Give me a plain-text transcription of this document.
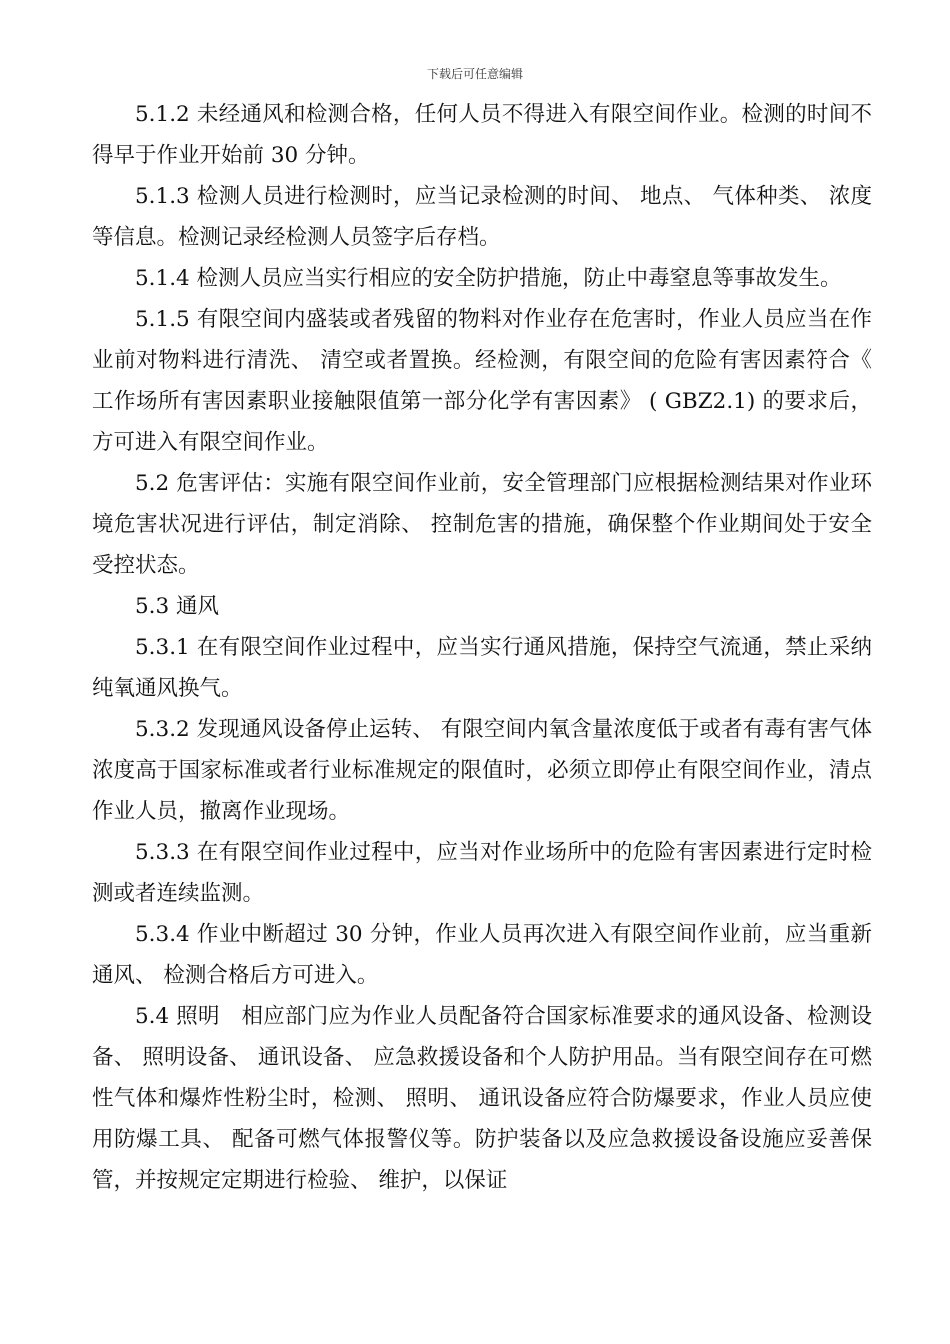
下载后可任意编辑

5.1.2 未经通风和检测合格，任何人员不得进入有限空间作业。检测的时间不得早于作业开始前 30 分钟。

5.1.3 检测人员进行检测时，应当记录检测的时间、 地点、 气体种类、 浓度等信息。检测记录经检测人员签字后存档。

5.1.4 检测人员应当实行相应的安全防护措施，防止中毒窒息等事故发生。

5.1.5 有限空间内盛装或者残留的物料对作业存在危害时，作业人员应当在作业前对物料进行清洗、 清空或者置换。经检测，有限空间的危险有害因素符合《工作场所有害因素职业接触限值第一部分化学有害因素》 ( GBZ2.1) 的要求后，方可进入有限空间作业。

5.2 危害评估：实施有限空间作业前，安全管理部门应根据检测结果对作业环境危害状况进行评估，制定消除、 控制危害的措施，确保整个作业期间处于安全受控状态。

5.3 通风

5.3.1 在有限空间作业过程中，应当实行通风措施，保持空气流通，禁止采纳纯氧通风换气。

5.3.2 发现通风设备停止运转、 有限空间内氧含量浓度低于或者有毒有害气体浓度高于国家标准或者行业标准规定的限值时，必须立即停止有限空间作业，清点作业人员，撤离作业现场。

5.3.3 在有限空间作业过程中，应当对作业场所中的危险有害因素进行定时检测或者连续监测。

5.3.4 作业中断超过 30 分钟，作业人员再次进入有限空间作业前，应当重新通风、 检测合格后方可进入。

5.4 照明　相应部门应为作业人员配备符合国家标准要求的通风设备、检测设备、 照明设备、 通讯设备、 应急救援设备和个人防护用品。当有限空间存在可燃性气体和爆炸性粉尘时，检测、 照明、 通讯设备应符合防爆要求，作业人员应使用防爆工具、 配备可燃气体报警仪等。防护装备以及应急救援设备设施应妥善保管，并按规定定期进行检验、 维护，以保证
